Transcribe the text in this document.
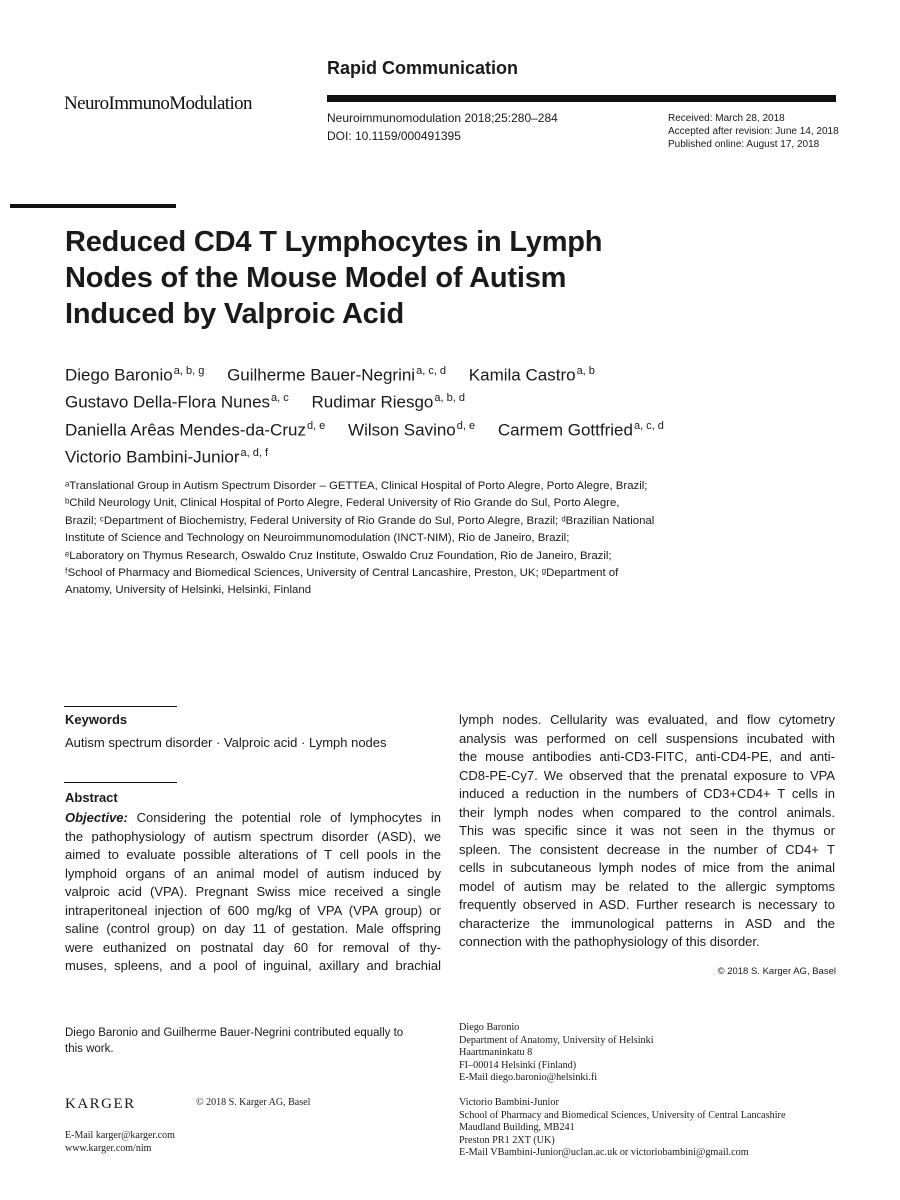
NeuroImmunoModulation
Rapid Communication
Neuroimmunomodulation 2018;25:280–284
DOI: 10.1159/000491395
Received: March 28, 2018
Accepted after revision: June 14, 2018
Published online: August 17, 2018
Reduced CD4 T Lymphocytes in Lymph
Nodes of the Mouse Model of Autism
Induced by Valproic Acid
Diego Baronio$^{a, b, g}$ Guilherme Bauer-Negrini$^{a, c, d}$ Kamila Castro$^{a, b}$
Gustavo Della-Flora Nunes$^{a, c}$ Rudimar Riesgo$^{a, b, d}$
Daniella Arêas Mendes-da-Cruz$^{d, e}$ Wilson Savino$^{d, e}$ Carmem Gottfried$^{a, c, d}$
Victorio Bambini-Junior$^{a, d, f}$
ᵃTranslational Group in Autism Spectrum Disorder – GETTEA, Clinical Hospital of Porto Alegre, Porto Alegre, Brazil;
ᵇChild Neurology Unit, Clinical Hospital of Porto Alegre, Federal University of Rio Grande do Sul, Porto Alegre,
Brazil; ᶜDepartment of Biochemistry, Federal University of Rio Grande do Sul, Porto Alegre, Brazil; ᵈBrazilian National
Institute of Science and Technology on Neuroimmunomodulation (INCT-NIM), Rio de Janeiro, Brazil;
ᵉLaboratory on Thymus Research, Oswaldo Cruz Institute, Oswaldo Cruz Foundation, Rio de Janeiro, Brazil;
ᶠSchool of Pharmacy and Biomedical Sciences, University of Central Lancashire, Preston, UK; ᵍDepartment of
Anatomy, University of Helsinki, Helsinki, Finland
Keywords
Autism spectrum disorder · Valproic acid · Lymph nodes
Abstract
Objective: Considering the potential role of lymphocytes in
the pathophysiology of autism spectrum disorder (ASD), we
aimed to evaluate possible alterations of T cell pools in the
lymphoid organs of an animal model of autism induced by
valproic acid (VPA). Pregnant Swiss mice received a single
intraperitoneal injection of 600 mg/kg of VPA (VPA group) or
saline (control group) on day 11 of gestation. Male offspring
were euthanized on postnatal day 60 for removal of thy-
muses, spleens, and a pool of inguinal, axillary and brachial
lymph nodes. Cellularity was evaluated, and flow cytometry
analysis was performed on cell suspensions incubated with
the mouse antibodies anti-CD3-FITC, anti-CD4-PE, and anti-
CD8-PE-Cy7. We observed that the prenatal exposure to VPA
induced a reduction in the numbers of CD3+CD4+ T cells in
their lymph nodes when compared to the control animals.
This was specific since it was not seen in the thymus or
spleen. The consistent decrease in the number of CD4+ T
cells in subcutaneous lymph nodes of mice from the animal
model of autism may be related to the allergic symptoms
frequently observed in ASD. Further research is necessary to
characterize the immunological patterns in ASD and the
connection with the pathophysiology of this disorder.
© 2018 S. Karger AG, Basel
Diego Baronio and Guilherme Bauer-Negrini contributed equally to
this work.
KARGER	© 2018 S. Karger AG, Basel
E-Mail karger@karger.com
www.karger.com/nim
Diego Baronio
Department of Anatomy, University of Helsinki
Haartmaninkatu 8
FI–00014 Helsinki (Finland)
E-Mail diego.baronio@helsinki.fi
Victorio Bambini-Junior
School of Pharmacy and Biomedical Sciences, University of Central Lancashire
Maudland Building, MB241
Preston PR1 2XT (UK)
E-Mail VBambini-Junior@uclan.ac.uk or victoriobambini@gmail.com
